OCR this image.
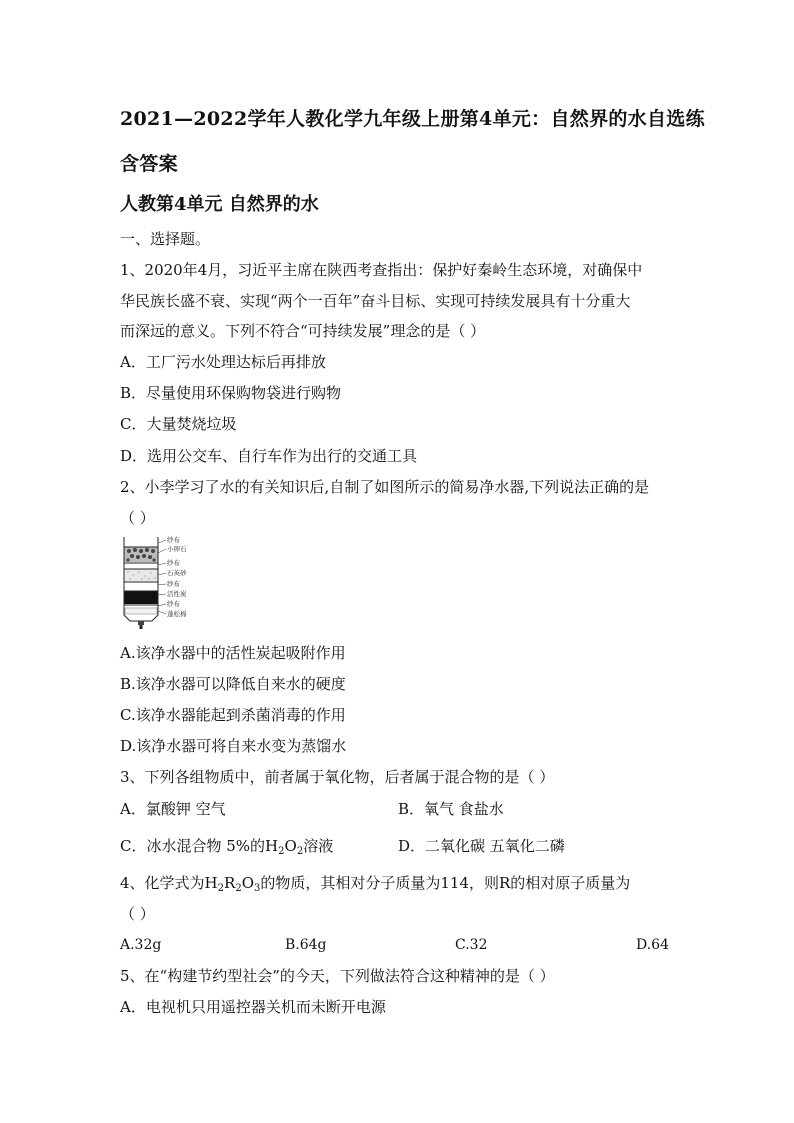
2021—2022学年人教化学九年级上册第4单元：自然界的水自选练
含答案
人教第4单元 自然界的水
一、选择题。
1、2020年4月，习近平主席在陕西考查指出：保护好秦岭生态环境，对确保中
华民族长盛不衰、实现“两个一百年”奋斗目标、实现可持续发展具有十分重大
而深远的意义。下列不符合“可持续发展”理念的是（ ）
A．工厂污水处理达标后再排放
B．尽量使用环保购物袋进行购物
C．大量焚烧垃圾
D．选用公交车、自行车作为出行的交通工具
2、小李学习了水的有关知识后,自制了如图所示的简易净水器,下列说法正确的是
（ ）
纱布
小卵石
纱布
石英砂
纱布
活性炭
纱布
蓬松棉
A.该净水器中的活性炭起吸附作用
B.该净水器可以降低自来水的硬度
C.该净水器能起到杀菌消毒的作用
D.该净水器可将自来水变为蒸馏水
3、下列各组物质中，前者属于氧化物，后者属于混合物的是（ ）
A．氯酸钾 空气	B．氧气 食盐水
C．冰水混合物 5%的$H_2O_2$溶液	D．二氧化碳 五氧化二磷
4、化学式为$H_2R_2O_3$的物质，其相对分子质量为114，则R的相对原子质量为
（ ）
A.32g	B.64g	C.32	D.64
5、在“构建节约型社会”的今天，下列做法符合这种精神的是（ ）
A．电视机只用遥控器关机而未断开电源
